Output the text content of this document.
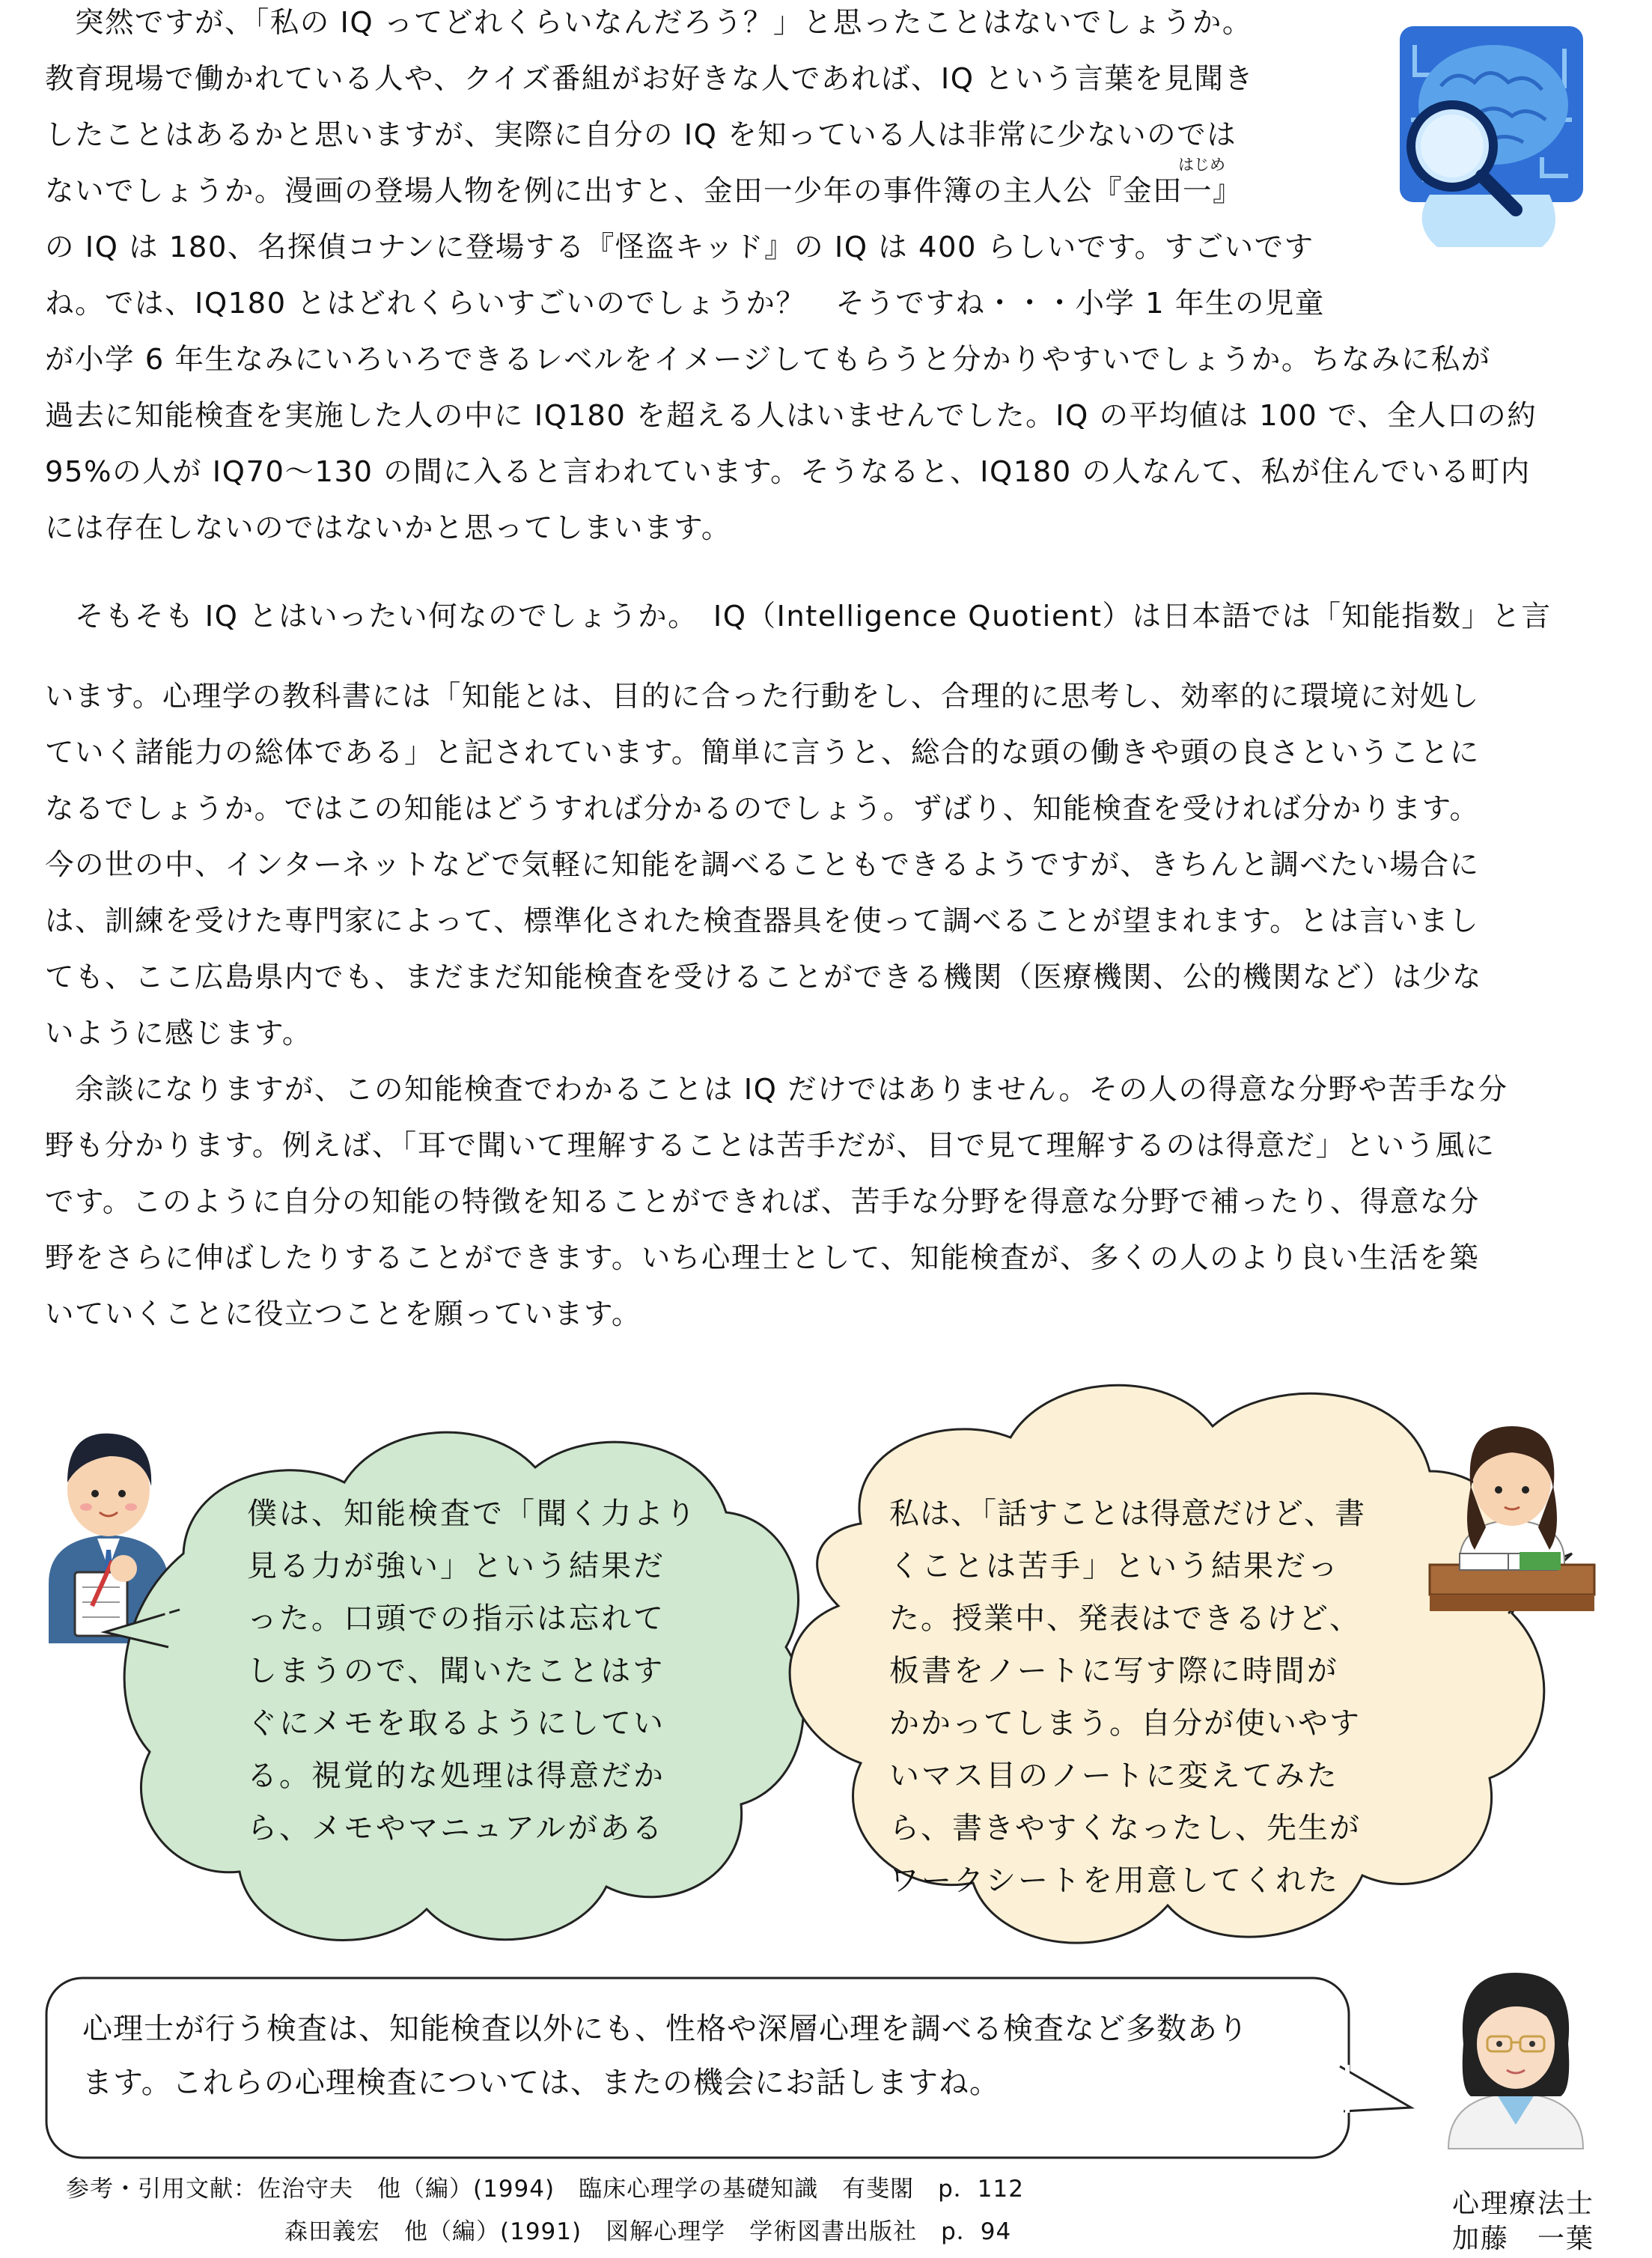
　突然ですが、「私の IQ ってどれくらいなんだろう？」と思ったことはないでしょうか。
教育現場で働かれている人や、クイズ番組がお好きな人であれば、IQ という言葉を見聞き
したことはあるかと思いますが、実際に自分の IQ を知っている人は非常に少ないのでは
ないでしょうか。漫画の登場人物を例に出すと、金田一少年の事件簿の主人公『金田一
はじめ
』
の IQ は 180、名探偵コナンに登場する『怪盗キッド』の IQ は 400 らしいです。すごいです
ね。では、IQ180 とはどれくらいすごいのでしょうか？　そうですね・・・小学 1 年生の児童
が小学 6 年生なみにいろいろできるレベルをイメージしてもらうと分かりやすいでしょうか。ちなみに私が
過去に知能検査を実施した人の中に IQ180 を超える人はいませんでした。IQ の平均値は 100 で、全人口の約
95%の人が IQ70～130 の間に入ると言われています。そうなると、IQ180 の人なんて、私が住んでいる町内
には存在しないのではないかと思ってしまいます。
　そもそも IQ とはいったい何なのでしょうか。　IQ（Intelligence Quotient）は日本語では「知能指数」と言
います。心理学の教科書には「知能とは、目的に合った行動をし、合理的に思考し、効率的に環境に対処し
ていく諸能力の総体である」と記されています。簡単に言うと、総合的な頭の働きや頭の良さということに
なるでしょうか。ではこの知能はどうすれば分かるのでしょう。ずばり、知能検査を受ければ分かります。
今の世の中、インターネットなどで気軽に知能を調べることもできるようですが、きちんと調べたい場合に
は、訓練を受けた専門家によって、標準化された検査器具を使って調べることが望まれます。とは言いまし
ても、ここ広島県内でも、まだまだ知能検査を受けることができる機関（医療機関、公的機関など）は少な
いように感じます。
　余談になりますが、この知能検査でわかることは IQ だけではありません。その人の得意な分野や苦手な分
野も分かります。例えば、「耳で聞いて理解することは苦手だが、目で見て理解するのは得意だ」という風に
です。このように自分の知能の特徴を知ることができれば、苦手な分野を得意な分野で補ったり、得意な分
野をさらに伸ばしたりすることができます。いち心理士として、知能検査が、多くの人のより良い生活を築
いていくことに役立つことを願っています。
僕は、知能検査で「聞く力より
見る力が強い」という結果だ
った。口頭での指示は忘れて
しまうので、聞いたことはす
ぐにメモを取るようにしてい
る。視覚的な処理は得意だか
ら、メモやマニュアルがある
私は、「話すことは得意だけど、書
くことは苦手」という結果だっ
た。授業中、発表はできるけど、
板書をノートに写す際に時間が
かかってしまう。自分が使いやす
いマス目のノートに変えてみた
ら、書きやすくなったし、先生が
ワークシートを用意してくれた
心理士が行う検査は、知能検査以外にも、性格や深層心理を調べる検査など多数あり
ます。これらの心理検査については、またの機会にお話しますね。
参考・引用文献：佐治守夫　他（編）(1994)　臨床心理学の基礎知識　有斐閣　p．112
森田義宏　他（編）(1991)　図解心理学　学術図書出版社　p．94
心理療法士
加藤　一葉
